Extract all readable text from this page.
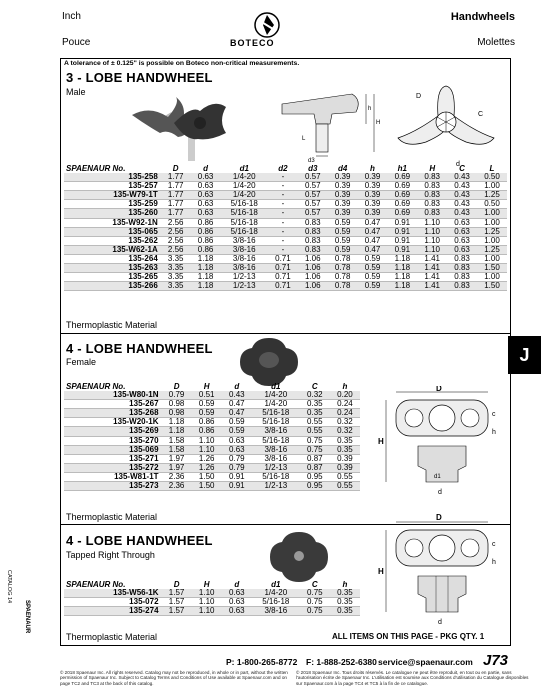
Inch
Pouce
Handwheels
Molettes
BOTECO
A tolerance of ± 0.125" is possible on Boteco non-critical measurements.
3 - LOBE HANDWHEEL
Male
h
H
d3
L
D
C
d
SPAENAUR No.	D	d	d1	d2	d3	d4	h	h1	H	C	L
135-258	1.77	0.63	1/4-20	-	0.57	0.39	0.39	0.69	0.83	0.43	0.50
135-257	1.77	0.63	1/4-20	-	0.57	0.39	0.39	0.69	0.83	0.43	1.00
135-W79-1T	1.77	0.63	1/4-20	-	0.57	0.39	0.39	0.69	0.83	0.43	1.25
135-259	1.77	0.63	5/16-18	-	0.57	0.39	0.39	0.69	0.83	0.43	0.50
135-260	1.77	0.63	5/16-18	-	0.57	0.39	0.39	0.69	0.83	0.43	1.00
135-W92-1N	2.56	0.86	5/16-18	-	0.83	0.59	0.47	0.91	1.10	0.63	1.00
135-065	2.56	0.86	5/16-18	-	0.83	0.59	0.47	0.91	1.10	0.63	1.25
135-262	2.56	0.86	3/8-16	-	0.83	0.59	0.47	0.91	1.10	0.63	1.00
135-W62-1A	2.56	0.86	3/8-16	-	0.83	0.59	0.47	0.91	1.10	0.63	1.25
135-264	3.35	1.18	3/8-16	0.71	1.06	0.78	0.59	1.18	1.41	0.83	1.00
135-263	3.35	1.18	3/8-16	0.71	1.06	0.78	0.59	1.18	1.41	0.83	1.50
135-265	3.35	1.18	1/2-13	0.71	1.06	0.78	0.59	1.18	1.41	0.83	1.00
135-266	3.35	1.18	1/2-13	0.71	1.06	0.78	0.59	1.18	1.41	0.83	1.50
Thermoplastic Material
4 - LOBE HANDWHEEL
Female
SPAENAUR No.	D	H	d	d1	C	h
135-W80-1N	0.79	0.51	0.43	1/4-20	0.32	0.20
135-267	0.98	0.59	0.47	1/4-20	0.35	0.24
135-268	0.98	0.59	0.47	5/16-18	0.35	0.24
135-W20-1K	1.18	0.86	0.59	5/16-18	0.55	0.32
135-269	1.18	0.86	0.59	3/8-16	0.55	0.32
135-270	1.58	1.10	0.63	5/16-18	0.75	0.35
135-069	1.58	1.10	0.63	3/8-16	0.75	0.35
135-271	1.97	1.26	0.79	3/8-16	0.87	0.39
135-272	1.97	1.26	0.79	1/2-13	0.87	0.39
135-W81-1T	2.36	1.50	0.91	5/16-18	0.95	0.55
135-273	2.36	1.50	0.91	1/2-13	0.95	0.55
Thermoplastic Material
D
H
c
h
d
d1
4 - LOBE HANDWHEEL
Tapped Right Through
SPAENAUR No.	D	H	d	d1	C	h
135-W56-1K	1.57	1.10	0.63	1/4-20	0.75	0.35
135-072	1.57	1.10	0.63	5/16-18	0.75	0.35
135-274	1.57	1.10	0.63	3/8-16	0.75	0.35
Thermoplastic Material
D
H
c
h
d
ALL ITEMS ON THIS PAGE - PKG QTY. 1
J
CATALOG 14
SPAENAUR
P: 1-800-265-8772 F: 1-888-252-6380 service@spaenaur.com J73
© 2018 Spaenaur Inc. All rights reserved. Catalog may not be reproduced, in whole or in part, without the written permission of Spaenaur Inc. Subject to Catalog Terms and Conditions of Use available at Spaenaur.com and on page TC2 and TC3 at the back of this catalog.
© 2018 Spaenaur Inc. Tous droits réservés. Le catalogue ne peut être reproduit, en tout ou en partie, sans l'autorisation écrite de Spaenaur Inc. L'utilisation est soumise aux Conditions d'utilisation du Catalogue disponibles sur Spaenaur.com à la page TC4 et TC5 à la fin de ce catalogue.
